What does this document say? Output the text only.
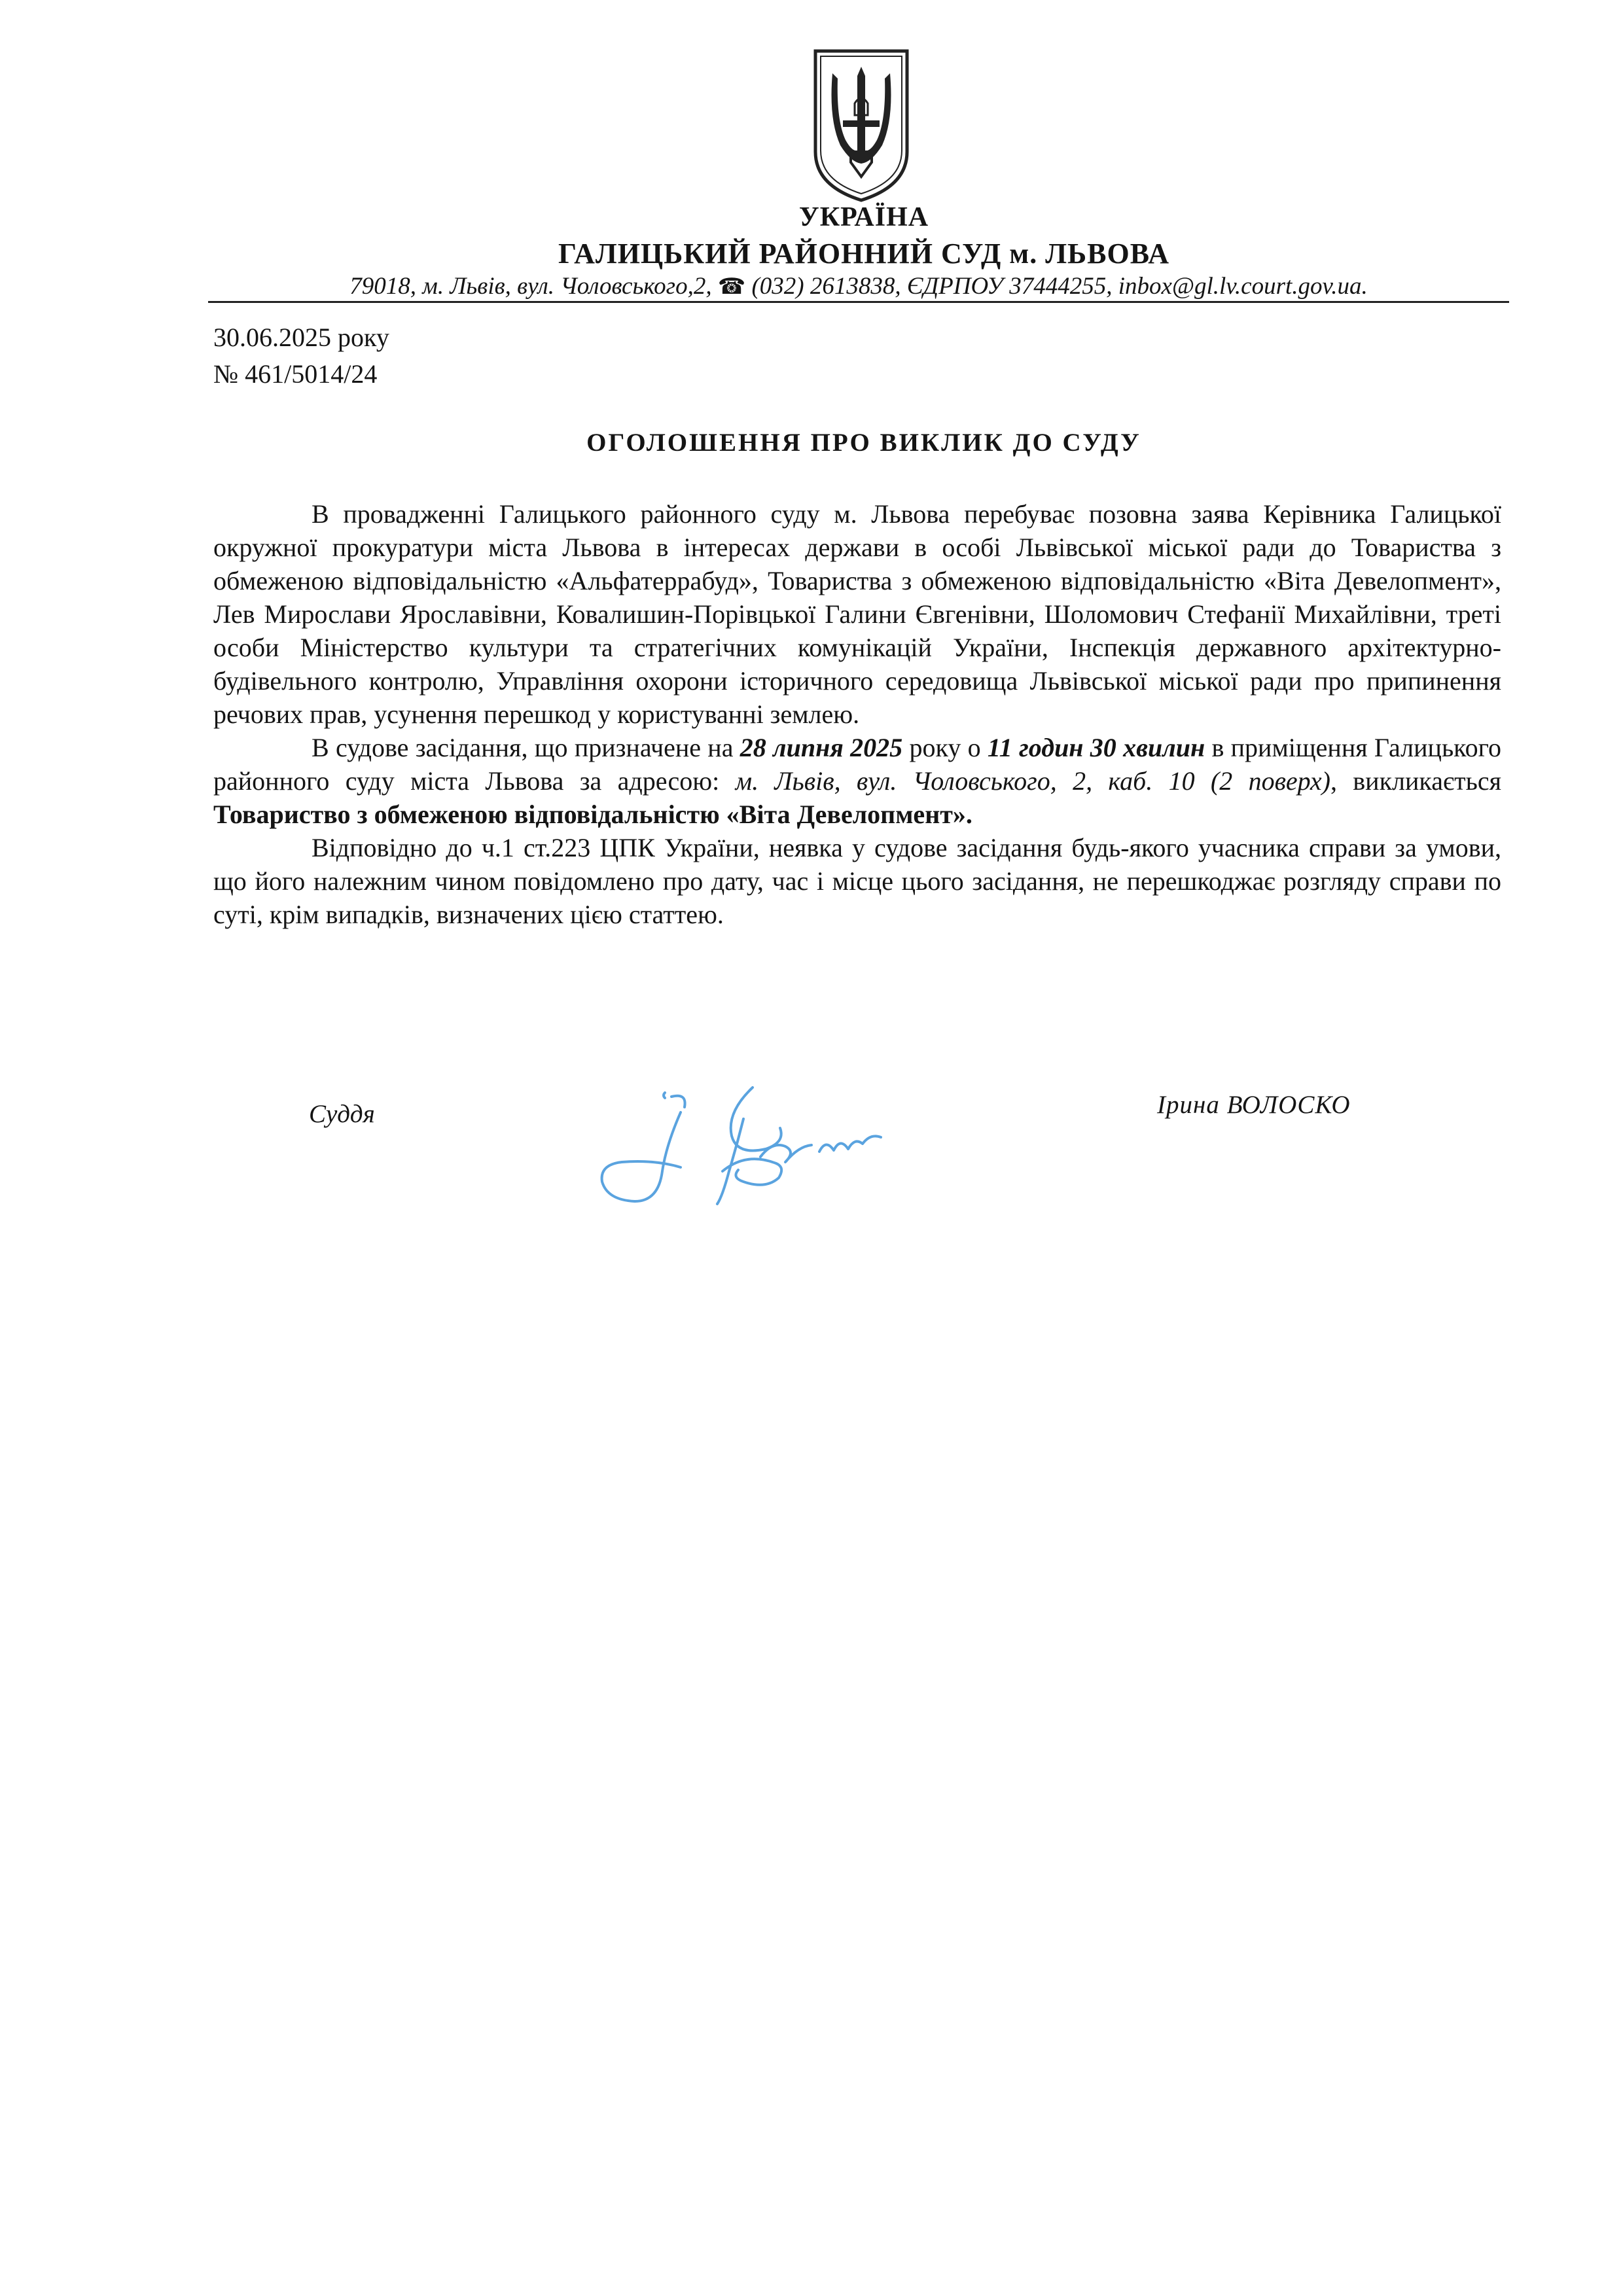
УКРАЇНА
ГАЛИЦЬКИЙ РАЙОННИЙ СУД м. ЛЬВОВА
79018, м. Львів, вул. Чоловського,2, ☎ (032) 2613838, ЄДРПОУ 37444255, inbox@gl.lv.court.gov.ua.
30.06.2025 року
№ 461/5014/24
ОГОЛОШЕННЯ ПРО ВИКЛИК ДО СУДУ

В провадженні Галицького районного суду м. Львова перебуває позовна заява Керівника Галицької окружної прокуратури міста Львова в інтересах держави в особі Львівської міської ради до Товариства з обмеженою відповідальністю «Альфатеррабуд», Товариства з обмеженою відповідальністю «Віта Девелопмент», Лев Мирослави Ярославівни, Ковалишин-Порівцької Галини Євгенівни, Шоломович Стефанії Михайлівни, треті особи Міністерство культури та стратегічних комунікацій України, Інспекція державного архітектурно-будівельного контролю, Управління охорони історичного середовища Львівської міської ради про припинення речових прав, усунення перешкод у користуванні землею.

В судове засідання, що призначене на 28 липня 2025 року о 11 годин 30 хвилин в приміщення Галицького районного суду міста Львова за адресою: м. Львів, вул. Чоловського, 2, каб. 10 (2 поверх), викликається Товариство з обмеженою відповідальністю «Віта Девелопмент».

Відповідно до ч.1 ст.223 ЦПК України, неявка у судове засідання будь-якого учасника справи за умови, що його належним чином повідомлено про дату, час і місце цього засідання, не перешкоджає розгляду справи по суті, крім випадків, визначених цією статтею.

Суддя	Ірина ВОЛОСКО
